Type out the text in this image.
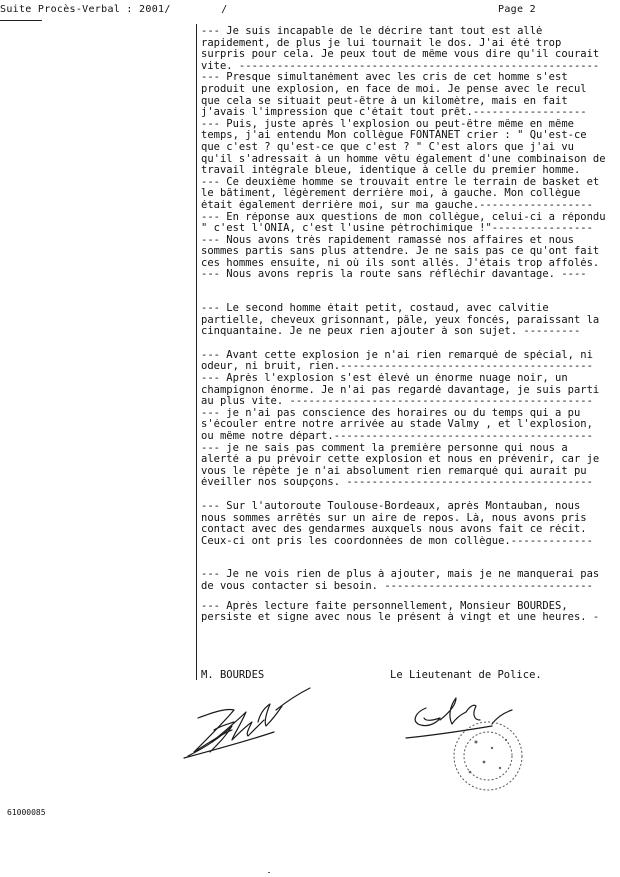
Suite Procès-Verbal : 2001/        /	Page 2
--- Je suis incapable de le décrire tant tout est allé
rapidement, de plus je lui tournait le dos. J'ai été trop
surpris pour cela. Je peux tout de même vous dire qu'il courait
vite. ---------------------------------------------------------
--- Presque simultanément avec les cris de cet homme s'est
produit une explosion, en face de moi. Je pense avec le recul
que cela se situait peut-être à un kilomètre, mais en fait
j'avais l'impression que c'était tout prêt.------------------
--- Puis, juste après l'explosion ou peut-être même en même
temps, j'ai entendu Mon collègue FONTANET crier : " Qu'est-ce
que c'est ? qu'est-ce que c'est ? " C'est alors que j'ai vu
qu'il s'adressait à un homme vêtu également d'une combinaison de
travail intégrale bleue, identique à celle du premier homme.
--- Ce deuxième homme se trouvait entre le terrain de basket et
le bâtiment, légèrement derrière moi, à gauche. Mon collègue
était également derrière moi, sur ma gauche.------------------
--- En réponse aux questions de mon collègue, celui-ci a répondu
" c'est l'ONIA, c'est l'usine pétrochimique !"----------------
--- Nous avons très rapidement ramassé nos affaires et nous
sommes partis sans plus attendre. Je ne sais pas ce qu'ont fait
ces hommes ensuite, ni où ils sont allés. J'étais trop affolés.
--- Nous avons repris la route sans réfléchir davantage. ----
--- Le second homme était petit, costaud, avec calvitie
partielle, cheveux grisonnant, pâle, yeux foncés, paraissant la
cinquantaine. Je ne peux rien ajouter à son sujet. ---------
--- Avant cette explosion je n'ai rien remarqué de spécial, ni
odeur, ni bruit, rien.----------------------------------------
--- Après l'explosion s'est élevé un énorme nuage noir, un
champignon énorme. Je n'ai pas regardé davantage, je suis parti
au plus vite. ------------------------------------------------
--- je n'ai pas conscience des horaires ou du temps qui a pu
s'écouler entre notre arrivée au stade Valmy , et l'explosion,
ou même notre départ.-----------------------------------------
--- je ne sais pas comment la première personne qui nous a
alerté a pu prévoir cette explosion et nous en prévenir, car je
vous le répète je n'ai absolument rien remarqué qui aurait pu
éveiller nos soupçons. ---------------------------------------
--- Sur l'autoroute Toulouse-Bordeaux, après Montauban, nous
nous sommes arrêtés sur un aire de repos. Là, nous avons pris
contact avec des gendarmes auxquels nous avons fait ce récit.
Ceux-ci ont pris les coordonnées de mon collègue.-------------
--- Je ne vois rien de plus à ajouter, mais je ne manquerai pas
de vous contacter si besoin. ---------------------------------
--- Après lecture faite personnellement, Monsieur BOURDES,
persiste et signe avec nous le présent à vingt et une heures. -
M. BOURDES	Le Lieutenant de Police.
61000085
